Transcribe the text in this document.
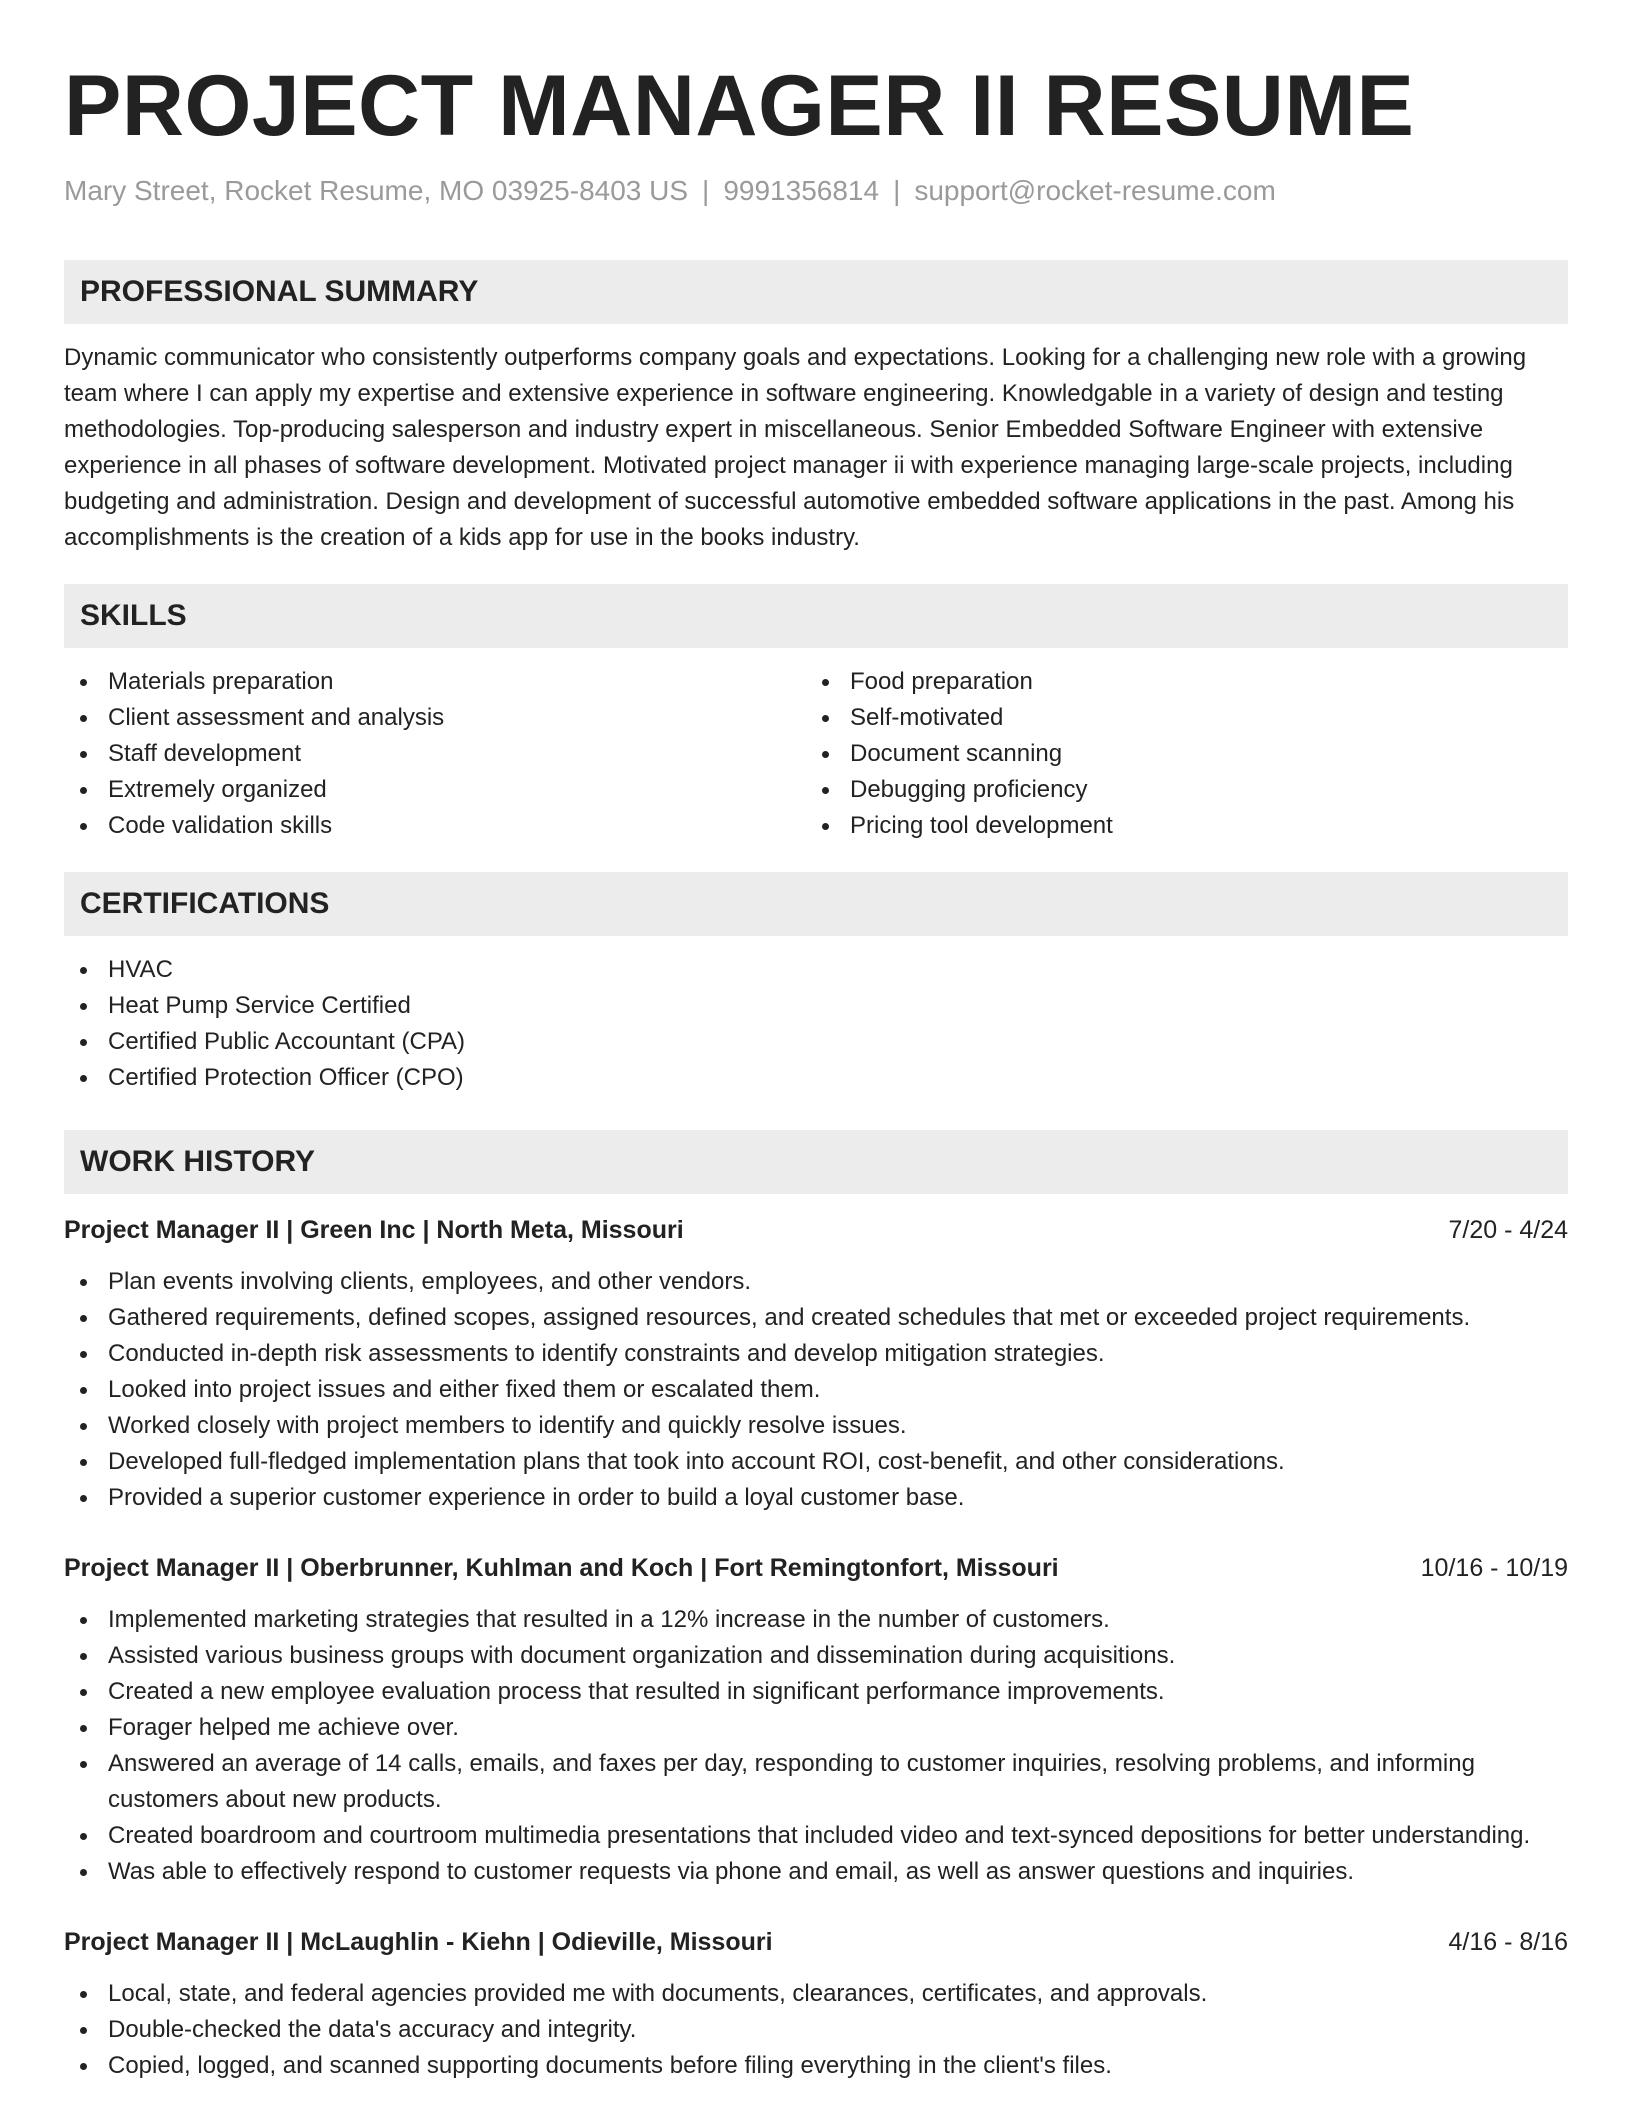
PROJECT MANAGER II RESUME
Mary Street, Rocket Resume, MO 03925-8403 US | 9991356814 | support@rocket-resume.com
PROFESSIONAL SUMMARY

Dynamic communicator who consistently outperforms company goals and expectations. Looking for a challenging new role with a growing team where I can apply my expertise and extensive experience in software engineering. Knowledgable in a variety of design and testing methodologies. Top-producing salesperson and industry expert in miscellaneous. Senior Embedded Software Engineer with extensive experience in all phases of software development. Motivated project manager ii with experience managing large-scale projects, including budgeting and administration. Design and development of successful automotive embedded software applications in the past. Among his accomplishments is the creation of a kids app for use in the books industry.

SKILLS
Materials preparation
Client assessment and analysis
Staff development
Extremely organized
Code validation skills
Food preparation
Self-motivated
Document scanning
Debugging proficiency
Pricing tool development
CERTIFICATIONS
HVAC
Heat Pump Service Certified
Certified Public Accountant (CPA)
Certified Protection Officer (CPO)
WORK HISTORY
Project Manager II | Green Inc | North Meta, Missouri	7/20 - 4/24
Plan events involving clients, employees, and other vendors.
Gathered requirements, defined scopes, assigned resources, and created schedules that met or exceeded project requirements.
Conducted in-depth risk assessments to identify constraints and develop mitigation strategies.
Looked into project issues and either fixed them or escalated them.
Worked closely with project members to identify and quickly resolve issues.
Developed full-fledged implementation plans that took into account ROI, cost-benefit, and other considerations.
Provided a superior customer experience in order to build a loyal customer base.
Project Manager II | Oberbrunner, Kuhlman and Koch | Fort Remingtonfort, Missouri	10/16 - 10/19
Implemented marketing strategies that resulted in a 12% increase in the number of customers.
Assisted various business groups with document organization and dissemination during acquisitions.
Created a new employee evaluation process that resulted in significant performance improvements.
Forager helped me achieve over.
Answered an average of 14 calls, emails, and faxes per day, responding to customer inquiries, resolving problems, and informing customers about new products.
Created boardroom and courtroom multimedia presentations that included video and text-synced depositions for better understanding.
Was able to effectively respond to customer requests via phone and email, as well as answer questions and inquiries.
Project Manager II | McLaughlin - Kiehn | Odieville, Missouri	4/16 - 8/16
Local, state, and federal agencies provided me with documents, clearances, certificates, and approvals.
Double-checked the data's accuracy and integrity.
Copied, logged, and scanned supporting documents before filing everything in the client's files.
